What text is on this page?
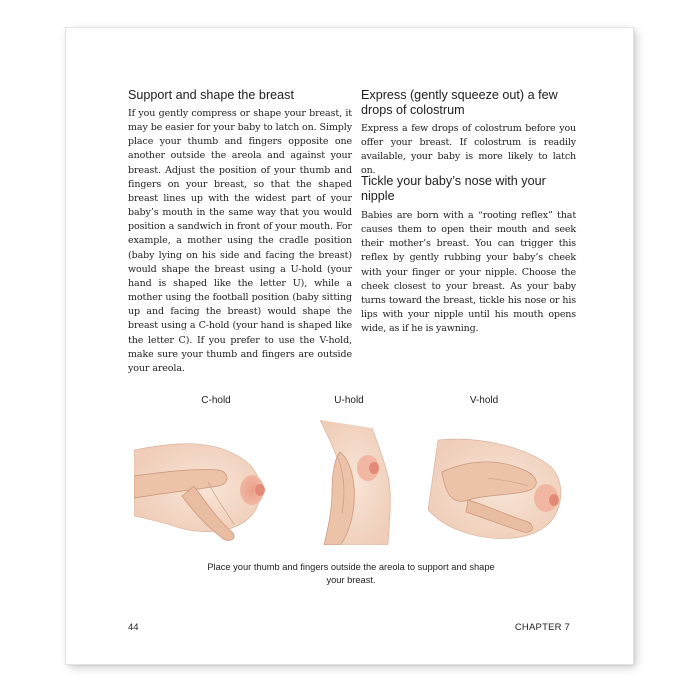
Support and shape the breast

If you gently compress or shape your breast, it may be easier for your baby to latch on. Simply place your thumb and fingers opposite one another outside the areola and against your breast. Adjust the position of your thumb and fingers on your breast, so that the shaped breast lines up with the widest part of your baby’s mouth in the same way that you would position a sandwich in front of your mouth. For example, a mother using the cradle position (baby lying on his side and facing the breast) would shape the breast using a U-hold (your hand is shaped like the letter U), while a mother using the football position (baby sitting up and facing the breast) would shape the breast using a C-hold (your hand is shaped like the letter C). If you prefer to use the V-hold, make sure your thumb and fingers are outside your areola.

Express (gently squeeze out) a few drops of colostrum

Express a few drops of colostrum before you offer your breast. If colostrum is readily available, your baby is more likely to latch on.

Tickle your baby’s nose with your nipple

Babies are born with a “rooting reflex” that causes them to open their mouth and seek their mother’s breast. You can trigger this reflex by gently rubbing your baby’s cheek with your finger or your nipple. Choose the cheek closest to your breast. As your baby turns toward the breast, tickle his nose or his lips with your nipple until his mouth opens wide, as if he is yawning.

C-hold	U-hold	V-hold
Place your thumb and fingers outside the areola to support and shape your breast.
44	CHAPTER 7
